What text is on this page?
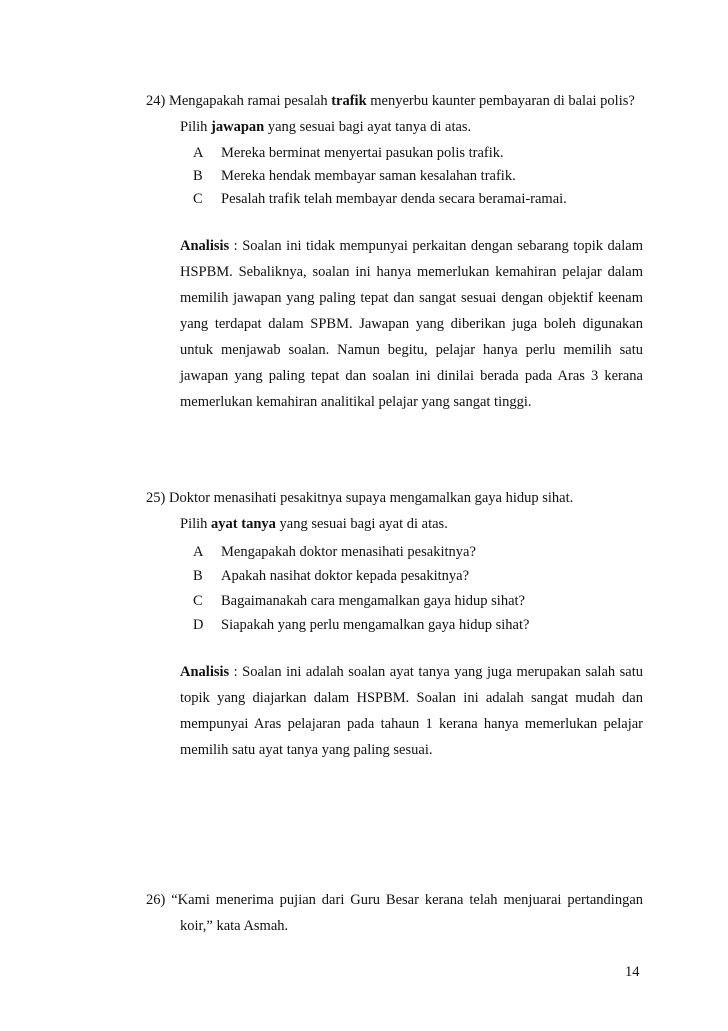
24) Mengapakah ramai pesalah trafik menyerbu kaunter pembayaran di balai polis?
Pilih jawapan yang sesuai bagi ayat tanya di atas.
A Mereka berminat menyertai pasukan polis trafik.
B Mereka hendak membayar saman kesalahan trafik.
C Pesalah trafik telah membayar denda secara beramai-ramai.
Analisis : Soalan ini tidak mempunyai perkaitan dengan sebarang topik dalam
HSPBM. Sebaliknya, soalan ini hanya memerlukan kemahiran pelajar dalam
memilih jawapan yang paling tepat dan sangat sesuai dengan objektif keenam
yang terdapat dalam SPBM. Jawapan yang diberikan juga boleh digunakan
untuk menjawab soalan. Namun begitu, pelajar hanya perlu memilih satu
jawapan yang paling tepat dan soalan ini dinilai berada pada Aras 3 kerana
memerlukan kemahiran analitikal pelajar yang sangat tinggi.
25) Doktor menasihati pesakitnya supaya mengamalkan gaya hidup sihat.
Pilih ayat tanya yang sesuai bagi ayat di atas.
A Mengapakah doktor menasihati pesakitnya?
B Apakah nasihat doktor kepada pesakitnya?
C Bagaimanakah cara mengamalkan gaya hidup sihat?
D Siapakah yang perlu mengamalkan gaya hidup sihat?
Analisis : Soalan ini adalah soalan ayat tanya yang juga merupakan salah satu
topik yang diajarkan dalam HSPBM. Soalan ini adalah sangat mudah dan
mempunyai Aras pelajaran pada tahaun 1 kerana hanya memerlukan pelajar
memilih satu ayat tanya yang paling sesuai.
26) “Kami menerima pujian dari Guru Besar kerana telah menjuarai pertandingan
koir,” kata Asmah.
14
